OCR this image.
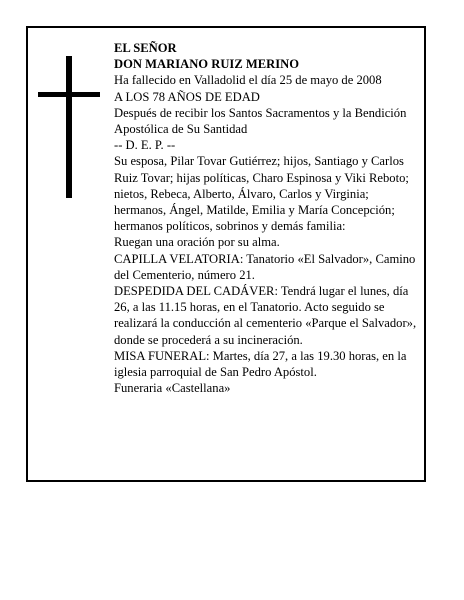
EL SEÑOR

DON MARIANO RUIZ MERINO

Ha fallecido en Valladolid el día 25 de mayo de 2008

A LOS 78 AÑOS DE EDAD

Después de recibir los Santos Sacramentos y la Bendición Apostólica de Su Santidad

-- D. E. P. --

Su esposa, Pilar Tovar Gutiérrez; hijos, Santiago y Carlos Ruiz Tovar; hijas políticas, Charo Espinosa y Viki Reboto; nietos, Rebeca, Alberto, Álvaro, Carlos y Virginia; hermanos, Ángel, Matilde, Emilia y María Concepción; hermanos políticos, sobrinos y demás familia:

Ruegan una oración por su alma.

CAPILLA VELATORIA: Tanatorio «El Salvador», Camino del Cementerio, número 21.

DESPEDIDA DEL CADÁVER: Tendrá lugar el lunes, día 26, a las 11.15 horas, en el Tanatorio. Acto seguido se realizará la conducción al cementerio «Parque el Salvador», donde se procederá a su incineración.

MISA FUNERAL: Martes, día 27, a las 19.30 horas, en la iglesia parroquial de San Pedro Apóstol.

Funeraria «Castellana»
